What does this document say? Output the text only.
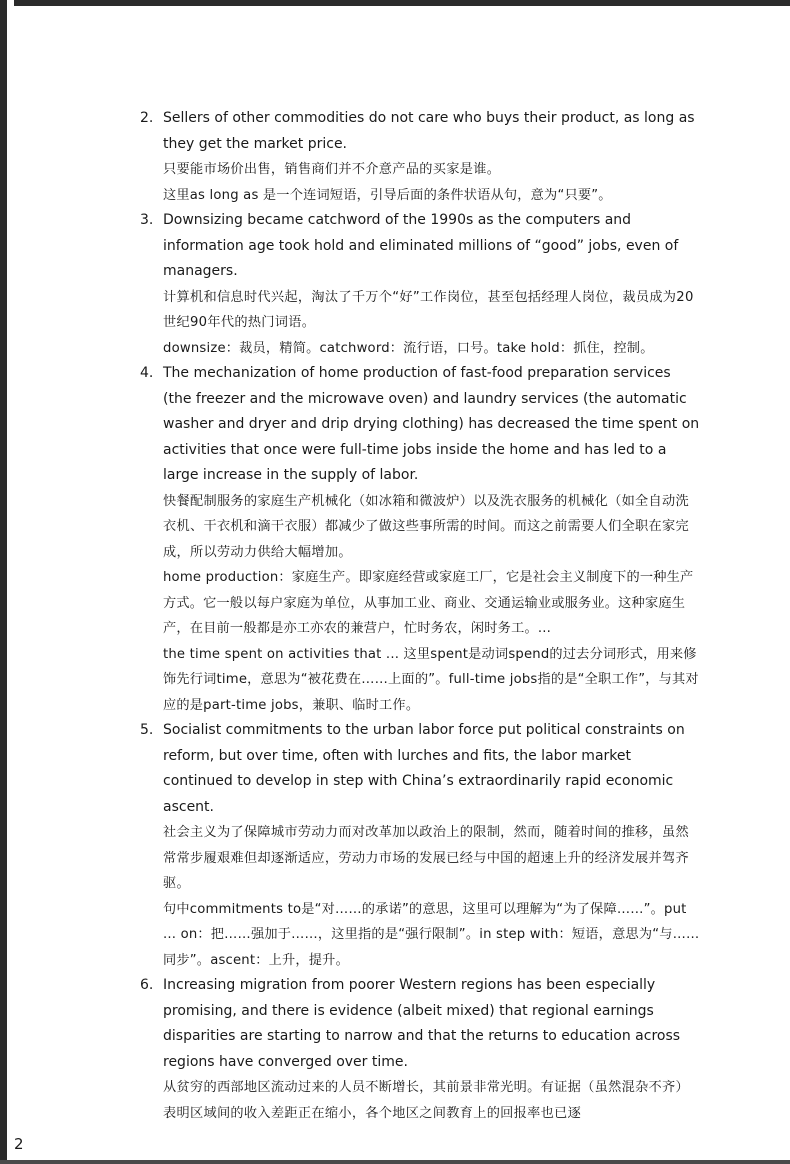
2. Sellers of other commodities do not care who buys their product, as long as they get the market price.

只要能市场价出售，销售商们并不介意产品的买家是谁。

这里as long as 是一个连词短语，引导后面的条件状语从句，意为“只要”。

3. Downsizing became catchword of the 1990s as the computers and information age took hold and eliminated millions of “good” jobs, even of managers.

计算机和信息时代兴起，淘汰了千万个“好”工作岗位，甚至包括经理人岗位，裁员成为20世纪90年代的热门词语。

downsize：裁员，精简。catchword：流行语，口号。take hold：抓住，控制。

4. The mechanization of home production of fast-food preparation services (the freezer and the microwave oven) and laundry services (the automatic washer and dryer and drip drying clothing) has decreased the time spent on activities that once were full-time jobs inside the home and has led to a large increase in the supply of labor.

快餐配制服务的家庭生产机械化（如冰箱和微波炉）以及洗衣服务的机械化（如全自动洗衣机、干衣机和滴干衣服）都减少了做这些事所需的时间。而这之前需要人们全职在家完成，所以劳动力供给大幅增加。

home production：家庭生产。即家庭经营或家庭工厂，它是社会主义制度下的一种生产方式。它一般以每户家庭为单位，从事加工业、商业、交通运输业或服务业。这种家庭生产，在目前一般都是亦工亦农的兼营户，忙时务农，闲时务工。...

the time spent on activities that ... 这里spent是动词spend的过去分词形式，用来修饰先行词time，意思为“被花费在……上面的”。full-time jobs指的是“全职工作”，与其对应的是part-time jobs，兼职、临时工作。

5. Socialist commitments to the urban labor force put political constraints on reform, but over time, often with lurches and fits, the labor market continued to develop in step with China’s extraordinarily rapid economic ascent.

社会主义为了保障城市劳动力而对改革加以政治上的限制，然而，随着时间的推移，虽然常常步履艰难但却逐渐适应，劳动力市场的发展已经与中国的超速上升的经济发展并驾齐驱。

句中commitments to是“对……的承诺”的意思，这里可以理解为“为了保障……”。put ... on：把……强加于……，这里指的是“强行限制”。in step with：短语，意思为“与……同步”。ascent：上升，提升。

6. Increasing migration from poorer Western regions has been especially promising, and there is evidence (albeit mixed) that regional earnings disparities are starting to narrow and that the returns to education across regions have converged over time.

从贫穷的西部地区流动过来的人员不断增长，其前景非常光明。有证据（虽然混杂不齐）表明区域间的收入差距正在缩小，各个地区之间教育上的回报率也已逐

2
